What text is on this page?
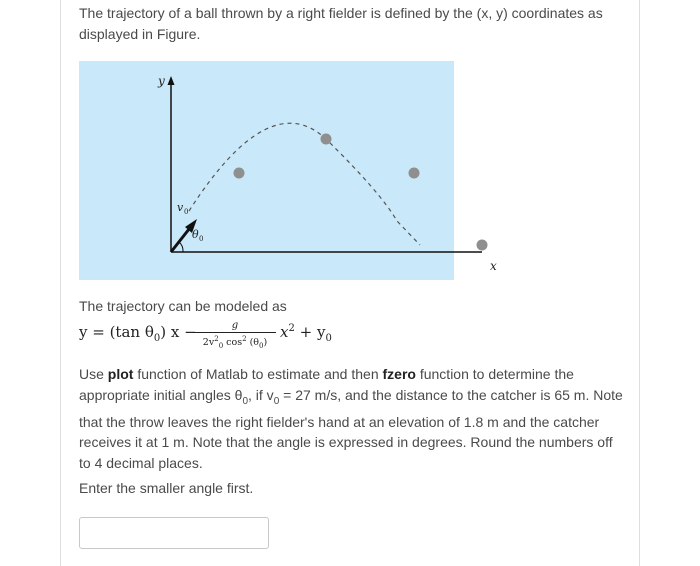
The trajectory of a ball thrown by a right fielder is defined by the (x, y) coordinates as displayed in Figure.

y
x
v 0
θ 0

The trajectory can be modeled as

y = (tan $\theta_0$) x −	g
$2v^2_0$ $\cos^2 (\theta_0)$
$x^2 + y_0$

Use plot function of Matlab to estimate and then fzero function to determine the appropriate initial angles $\theta_0$, if $v_0 = 27$ m/s, and the distance to the catcher is 65 m. Note that the throw leaves the right fielder's hand at an elevation of 1.8 m and the catcher receives it at 1 m. Note that the angle is expressed in degrees. Round the numbers off to 4 decimal places.

Enter the smaller angle first.
